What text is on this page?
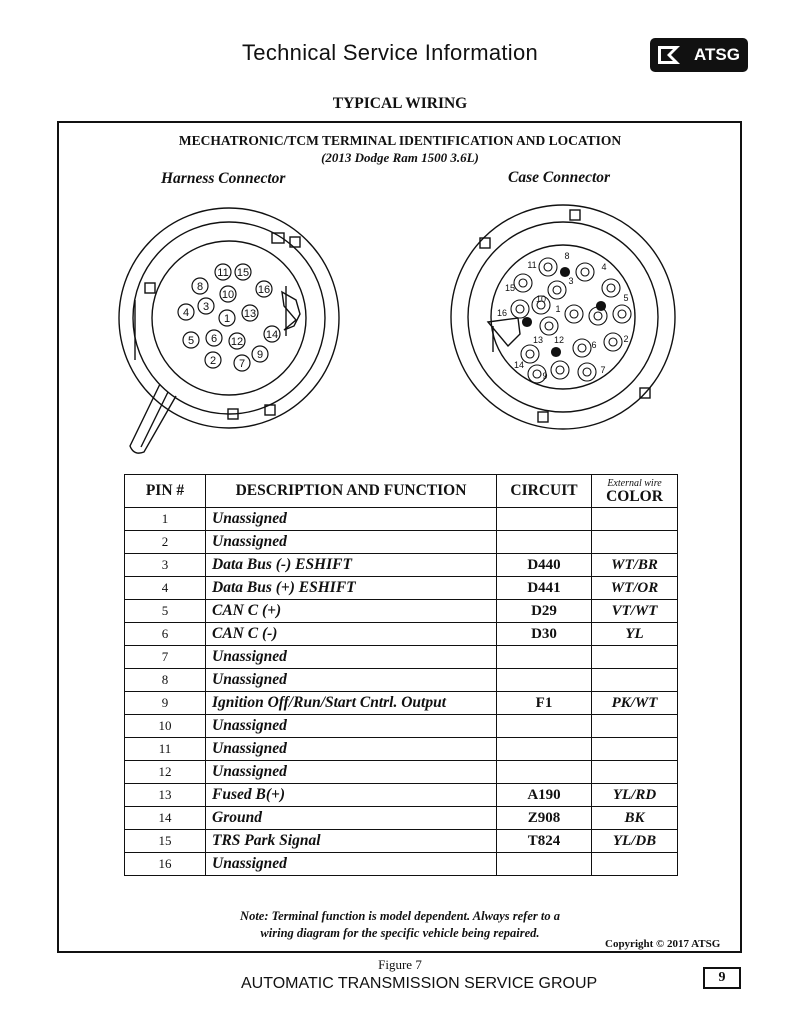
Technical Service Information	ATSG
TYPICAL WIRING
MECHATRONIC/TCM TERMINAL IDENTIFICATION AND LOCATION
(2013 Dodge Ram 1500 3.6L)
Harness Connector	Case Connector
11 15
8
10 16
3
4	1 13
14
5 6 12
2 7
9
8
11	4
3
15
5
10
16	1
2
13 12	6
14	7
9
PIN #	DESCRIPTION AND FUNCTION	CIRCUIT	External wire
COLOR

1	Unassigned		
2	Unassigned		
3	Data Bus (-) ESHIFT	D440	WT/BR
4	Data Bus (+) ESHIFT	D441	WT/OR
5	CAN C (+)	D29	VT/WT
6	CAN C (-)	D30	YL
7	Unassigned		
8	Unassigned		
9	Ignition Off/Run/Start Cntrl. Output	F1	PK/WT
10	Unassigned		
11	Unassigned		
12	Unassigned		
13	Fused B(+)	A190	YL/RD
14	Ground	Z908	BK
15	TRS Park Signal	T824	YL/DB
16	Unassigned		
Note: Terminal function is model dependent. Always refer to a
wiring diagram for the specific vehicle being repaired.
Copyright © 2017 ATSG
Figure 7
AUTOMATIC TRANSMISSION SERVICE GROUP	9
